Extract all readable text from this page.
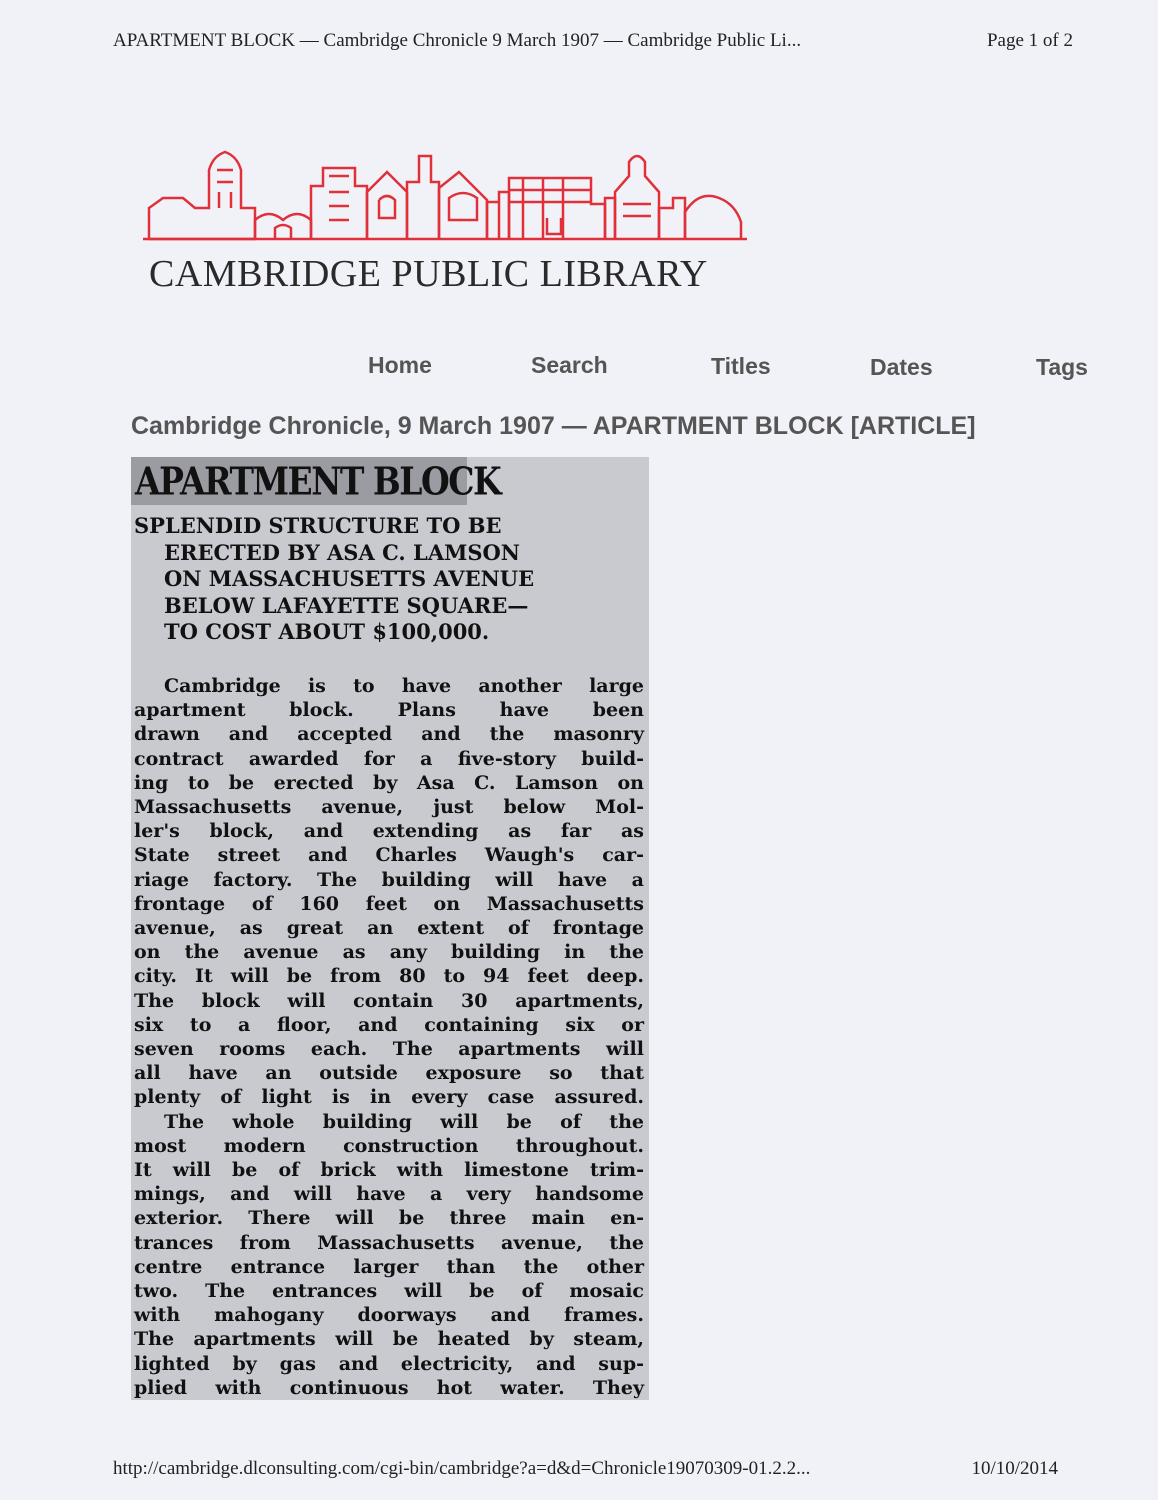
APARTMENT BLOCK — Cambridge Chronicle 9 March 1907 — Cambridge Public Li...	Page 1 of 2
CAMBRIDGE PUBLIC LIBRARY
Home	Search	Titles	Dates	Tags
Cambridge Chronicle, 9 March 1907 — APARTMENT BLOCK [ARTICLE]
APARTMENT BLOCK
SPLENDID STRUCTURE TO BE
ERECTED BY ASA C. LAMSON
ON MASSACHUSETTS AVENUE
BELOW LAFAYETTE SQUARE—
TO COST ABOUT $100,000.
Cambridge is to have another large
apartment block. Plans have been
drawn and accepted and the masonry
contract awarded for a five-story build-
ing to be erected by Asa C. Lamson on
Massachusetts avenue, just below Mol-
ler's block, and extending as far as
State street and Charles Waugh's car-
riage factory. The building will have a
frontage of 160 feet on Massachusetts
avenue, as great an extent of frontage
on the avenue as any building in the
city. It will be from 80 to 94 feet deep.
The block will contain 30 apartments,
six to a floor, and containing six or
seven rooms each. The apartments will
all have an outside exposure so that
plenty of light is in every case assured.
The whole building will be of the
most modern construction throughout.
It will be of brick with limestone trim-
mings, and will have a very handsome
exterior. There will be three main en-
trances from Massachusetts avenue, the
centre entrance larger than the other
two. The entrances will be of mosaic
with mahogany doorways and frames.
The apartments will be heated by steam,
lighted by gas and electricity, and sup-
plied with continuous hot water. They
http://cambridge.dlconsulting.com/cgi-bin/cambridge?a=d&d=Chronicle19070309-01.2.2...	10/10/2014
